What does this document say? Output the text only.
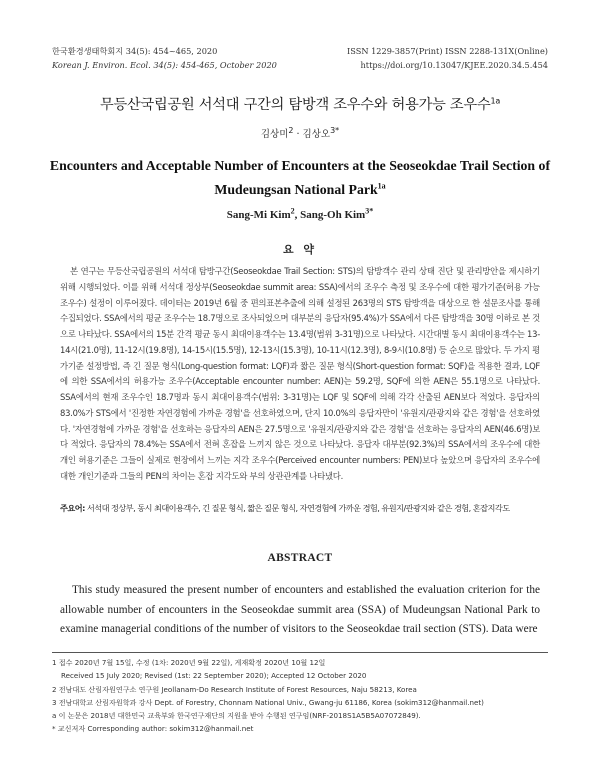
한국환경생태학회지 34(5): 454~465, 2020
Korean J. Environ. Ecol. 34(5): 454-465, October 2020
ISSN 1229-3857(Print) ISSN 2288-131X(Online)
https://doi.org/10.13047/KJEE.2020.34.5.454
무등산국립공원 서석대 구간의 탐방객 조우수와 허용가능 조우수$^{1a}$
김상미$^2$ · 김상오$^{3*}$
Encounters and Acceptable Number of Encounters at the Seoseokdae Trail Section of
Mudeungsan National Park$^{1a}$
Sang-Mi Kim$^2$, Sang-Oh Kim$^{3*}$
요 약

본 연구는 무등산국립공원의 서석대 탐방구간(Seoseokdae Trail Section: STS)의 탐방객수 관리 상태 진단 및 관리방안을 제시하기 위해 시행되었다. 이를 위해 서석대 정상부(Seoseokdae summit area: SSA)에서의 조우수 측정 및 조우수에 대한 평가기준(허용 가능 조우수) 설정이 이루어졌다. 데이터는 2019년 6월 중 편의표본추출에 의해 설정된 263명의 STS 탐방객을 대상으로 한 설문조사를 통해 수집되었다. SSA에서의 평균 조우수는 18.7명으로 조사되었으며 대부분의 응답자(95.4%)가 SSA에서 다른 탐방객을 30명 이하로 본 것으로 나타났다. SSA에서의 15분 간격 평균 동시 최대이용객수는 13.4명(범위 3-31명)으로 나타났다. 시간대별 동시 최대이용객수는 13-14시(21.0명), 11-12시(19.8명), 14-15시(15.5명), 12-13시(15.3명), 10-11시(12.3명), 8-9시(10.8명) 등 순으로 많았다. 두 가지 평가기준 설정방법, 즉 긴 질문 형식(Long-question format: LQF)과 짧은 질문 형식(Short-question format: SQF)을 적용한 결과, LQF에 의한 SSA에서의 허용가능 조우수(Acceptable encounter number: AEN)는 59.2명, SQF에 의한 AEN은 55.1명으로 나타났다. SSA에서의 현재 조우수인 18.7명과 동시 최대이용객수(범위: 3-31명)는 LQF 및 SQF에 의해 각각 산출된 AEN보다 적었다. 응답자의 83.0%가 STS에서 '진정한 자연경험에 가까운 경험'을 선호하였으며, 단지 10.0%의 응답자만이 '유원지/관광지와 같은 경험'을 선호하였다. '자연경험에 가까운 경험'을 선호하는 응답자의 AEN은 27.5명으로 '유원지/관광지와 같은 경험'을 선호하는 응답자의 AEN(46.6명)보다 적었다. 응답자의 78.4%는 SSA에서 전혀 혼잡을 느끼지 않은 것으로 나타났다. 응답자 대부분(92.3%)의 SSA에서의 조우수에 대한 개인 허용기준은 그들이 실제로 현장에서 느끼는 지각 조우수(Perceived encounter numbers: PEN)보다 높았으며 응답자의 조우수에 대한 개인기준과 그들의 PEN의 차이는 혼잡 지각도와 부의 상관관계를 나타냈다.

주요어: 서석대 정상부, 동시 최대이용객수, 긴 질문 형식, 짧은 질문 형식, 자연경험에 가까운 경험, 유원지/관광지와 같은 경험, 혼잡지각도
ABSTRACT

This study measured the present number of encounters and established the evaluation criterion for the allowable number of encounters in the Seoseokdae summit area (SSA) of Mudeungsan National Park to examine managerial conditions of the number of visitors to the Seoseokdae trail section (STS). Data were

1 접수 2020년 7월 15일, 수정 (1차: 2020년 9월 22일), 게재확정 2020년 10월 12일
Received 15 July 2020; Revised (1st: 22 September 2020); Accepted 12 October 2020
2 전남대도 산림자원연구소 연구원 Jeollanam-Do Research Institute of Forest Resources, Naju 58213, Korea
3 전남대학교 산림자원학과 강사 Dept. of Forestry, Chonnam National Univ., Gwang-ju 61186, Korea (sokim312@hanmail.net)
a 이 논문은 2018년 대한민국 교육부와 한국연구재단의 지원을 받아 수행된 연구임(NRF-2018S1A5B5A07072849).
* 교신저자 Corresponding author: sokim312@hanmail.net
